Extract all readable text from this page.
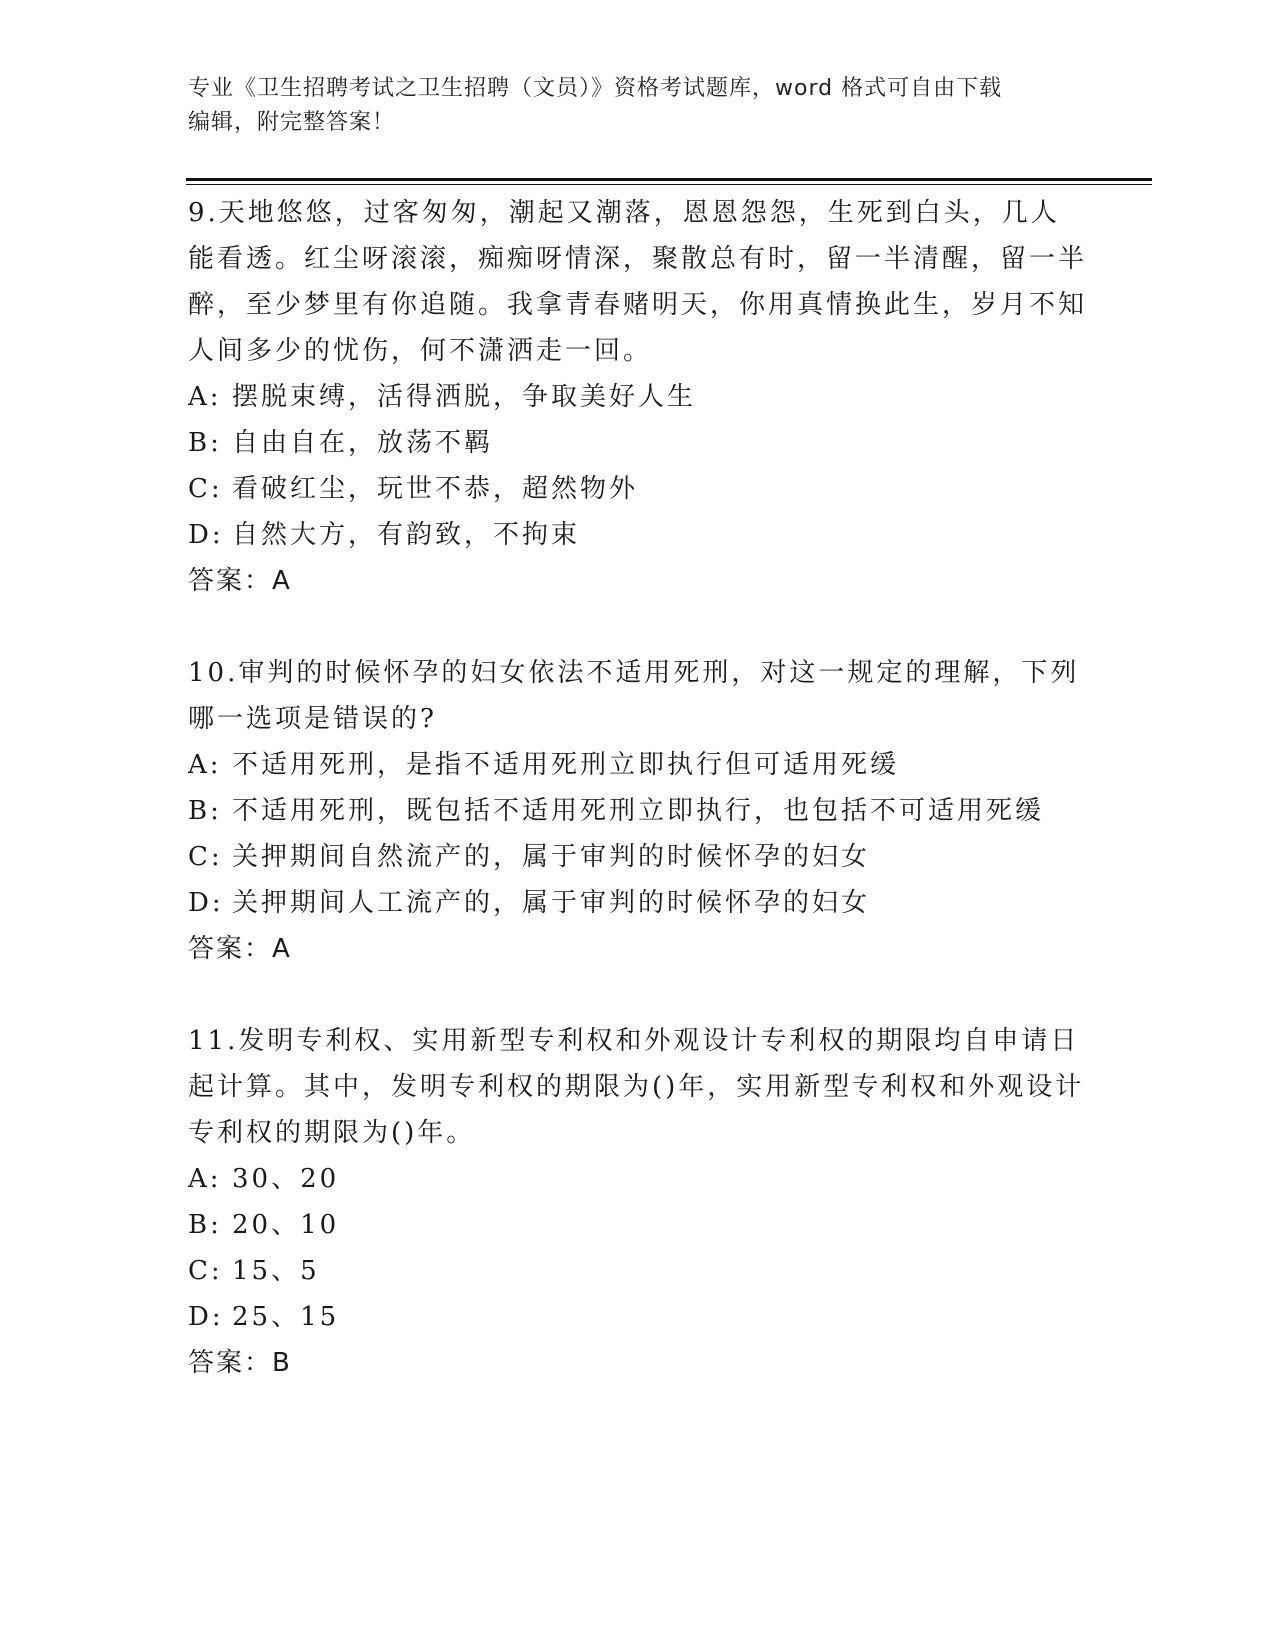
专业《卫生招聘考试之卫生招聘（文员）》资格考试题库，word 格式可自由下载
编辑，附完整答案！

9.天地悠悠，过客匆匆，潮起又潮落，恩恩怨怨，生死到白头，几人能看透。红尘呀滚滚，痴痴呀情深，聚散总有时，留一半清醒，留一半醉，至少梦里有你追随。我拿青春赌明天，你用真情换此生，岁月不知人间多少的忧伤，何不潇洒走一回。

A: 摆脱束缚，活得洒脱，争取美好人生

B: 自由自在，放荡不羁

C: 看破红尘，玩世不恭，超然物外

D: 自然大方，有韵致，不拘束

答案：A

10.审判的时候怀孕的妇女依法不适用死刑，对这一规定的理解，下列哪一选项是错误的?

A: 不适用死刑，是指不适用死刑立即执行但可适用死缓

B: 不适用死刑，既包括不适用死刑立即执行，也包括不可适用死缓

C: 关押期间自然流产的，属于审判的时候怀孕的妇女

D: 关押期间人工流产的，属于审判的时候怀孕的妇女

答案：A

11.发明专利权、实用新型专利权和外观设计专利权的期限均自申请日起计算。其中，发明专利权的期限为()年，实用新型专利权和外观设计专利权的期限为()年。

A: 30、20

B: 20、10

C: 15、5

D: 25、15

答案：B
